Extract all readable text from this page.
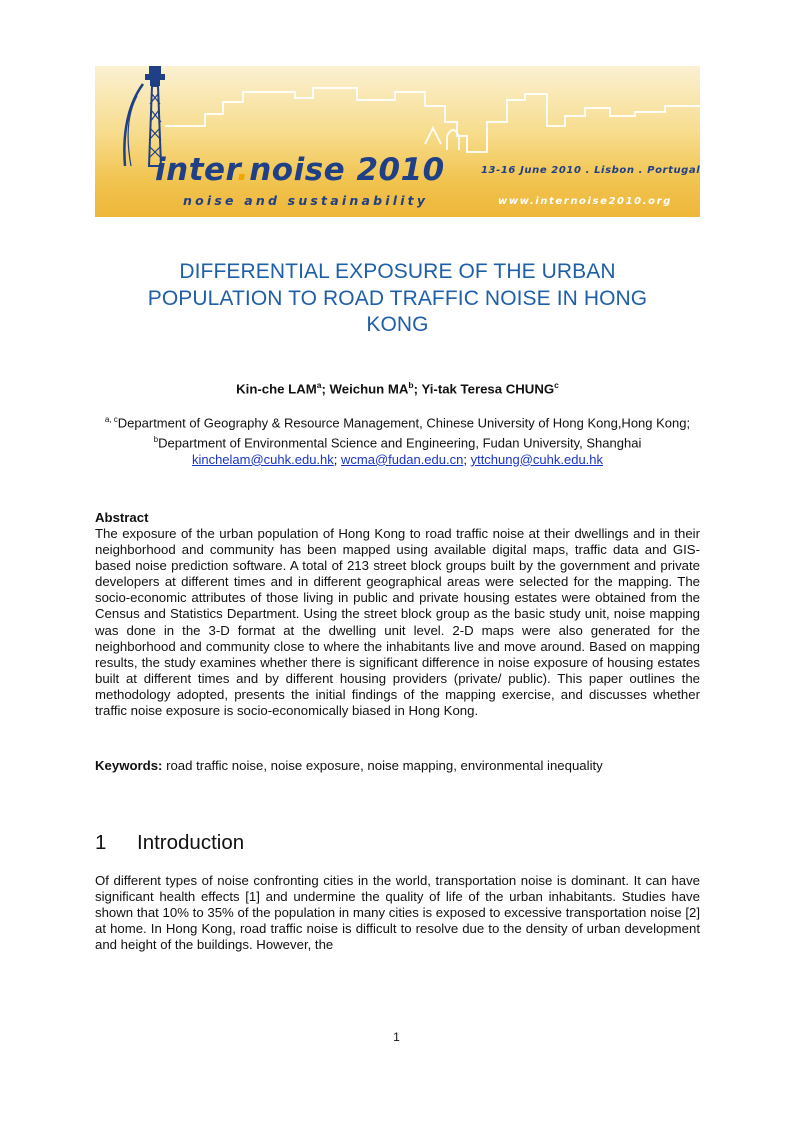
inter.noise 2010
noise and sustainability
13-16 June 2010 . Lisbon . Portugal
www.internoise2010.org
DIFFERENTIAL EXPOSURE OF THE URBAN
POPULATION TO ROAD TRAFFIC NOISE IN HONG
KONG
Kin-che LAM$^a$; Weichun $MA^b$; Yi-tak Teresa CHUNG$^c$
$^{a, c}$Department of Geography & Resource Management, Chinese University of Hong Kong,Hong Kong;
$^b$Department of Environmental Science and Engineering, Fudan University, Shanghai
kinchelam@cuhk.edu.hk; wcma@fudan.edu.cn; yttchung@cuhk.edu.hk
Abstract
The exposure of the urban population of Hong Kong to road traffic noise at their dwellings and in their neighborhood and community has been mapped using available digital maps, traffic data and GIS-based noise prediction software. A total of 213 street block groups built by the government and private developers at different times and in different geographical areas were selected for the mapping. The socio-economic attributes of those living in public and private housing estates were obtained from the Census and Statistics Department. Using the street block group as the basic study unit, noise mapping was done in the 3-D format at the dwelling unit level. 2-D maps were also generated for the neighborhood and community close to where the inhabitants live and move around. Based on mapping results, the study examines whether there is significant difference in noise exposure of housing estates built at different times and by different housing providers (private/ public). This paper outlines the methodology adopted, presents the initial findings of the mapping exercise, and discusses whether traffic noise exposure is socio-economically biased in Hong Kong.
Keywords: road traffic noise, noise exposure, noise mapping, environmental inequality
1 Introduction
Of different types of noise confronting cities in the world, transportation noise is dominant. It can have significant health effects [1] and undermine the quality of life of the urban inhabitants. Studies have shown that 10% to 35% of the population in many cities is exposed to excessive transportation noise [2] at home. In Hong Kong, road traffic noise is difficult to resolve due to the density of urban development and height of the buildings. However, the
1
